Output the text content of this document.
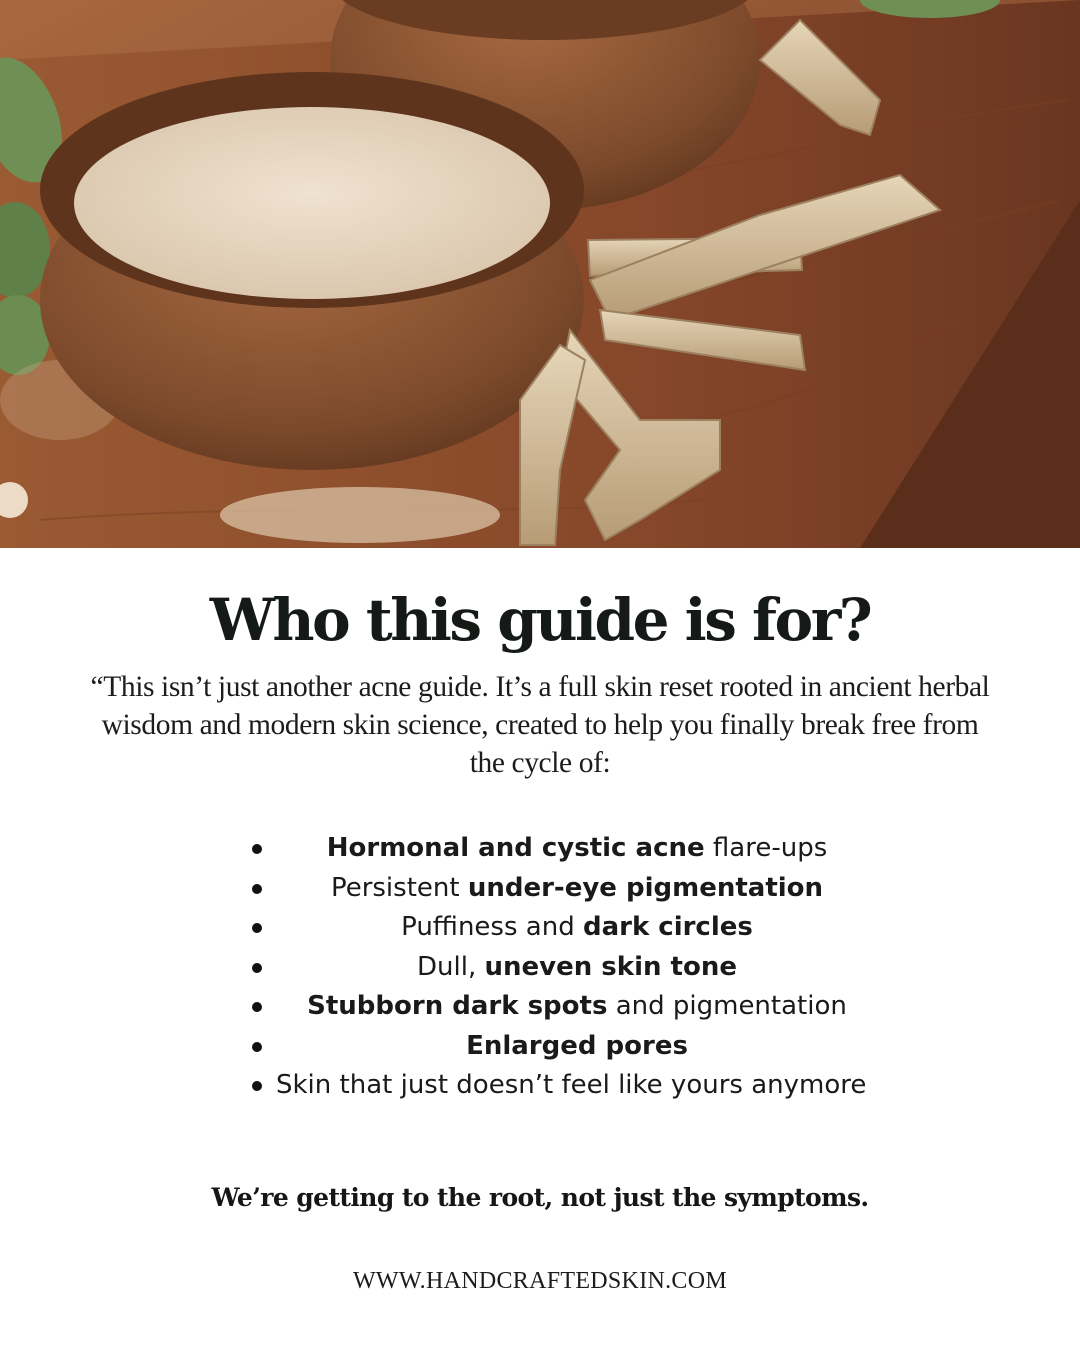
Who this guide is for?

“This isn’t just another acne guide. It’s a full skin reset rooted in ancient herbal wisdom and modern skin science, created to help you finally break free from the cycle of:

Hormonal and cystic acne flare-ups
Persistent under-eye pigmentation
Puffiness and dark circles
Dull, uneven skin tone
Stubborn dark spots and pigmentation
Enlarged pores
Skin that just doesn’t feel like yours anymore

We’re getting to the root, not just the symptoms.

WWW.HANDCRAFTEDSKIN.COM
